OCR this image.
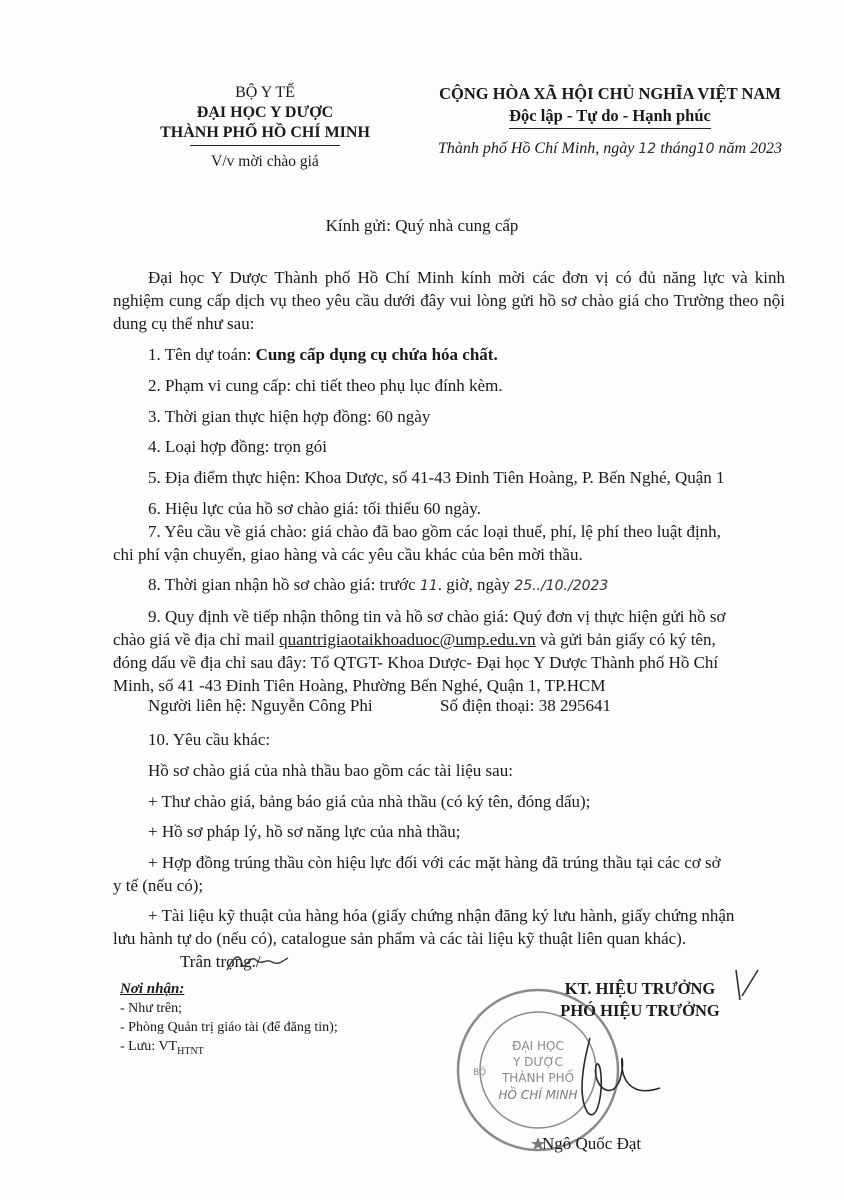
BỘ Y TẾ
ĐẠI HỌC Y DƯỢC
THÀNH PHỐ HỒ CHÍ MINH
V/v mời chào giá
CỘNG HÒA XÃ HỘI CHỦ NGHĨA VIỆT NAM
Độc lập - Tự do - Hạnh phúc
Thành phố Hồ Chí Minh, ngày 12 tháng10 năm 2023
Kính gửi: Quý nhà cung cấp
Đại học Y Dược Thành phố Hồ Chí Minh kính mời các đơn vị có đủ năng lực và kinh nghiệm cung cấp dịch vụ theo yêu cầu dưới đây vui lòng gửi hồ sơ chào giá cho Trường theo nội dung cụ thể như sau:
1. Tên dự toán: Cung cấp dụng cụ chứa hóa chất.
2. Phạm vi cung cấp: chi tiết theo phụ lục đính kèm.
3. Thời gian thực hiện hợp đồng: 60 ngày
4. Loại hợp đồng: trọn gói
5. Địa điểm thực hiện: Khoa Dược, số 41-43 Đinh Tiên Hoàng, P. Bến Nghé, Quận 1
6. Hiệu lực của hồ sơ chào giá: tối thiểu 60 ngày.
7. Yêu cầu về giá chào: giá chào đã bao gồm các loại thuế, phí, lệ phí theo luật định,
chi phí vận chuyển, giao hàng và các yêu cầu khác của bên mời thầu.
8. Thời gian nhận hồ sơ chào giá: trước 11. giờ, ngày 25../10./2023
9. Quy định về tiếp nhận thông tin và hồ sơ chào giá: Quý đơn vị thực hiện gửi hồ sơ
chào giá về địa chỉ mail quantrigiaotaikhoaduoc@ump.edu.vn và gửi bản giấy có ký tên,
đóng dấu về địa chỉ sau đây: Tổ QTGT- Khoa Dược- Đại học Y Dược Thành phố Hồ Chí
Minh, số 41 -43 Đinh Tiên Hoàng, Phường Bến Nghé, Quận 1, TP.HCM
Người liên hệ: Nguyễn Công Phi	Số điện thoại: 38 295641
10. Yêu cầu khác:
Hồ sơ chào giá của nhà thầu bao gồm các tài liệu sau:
+ Thư chào giá, bảng báo giá của nhà thầu (có ký tên, đóng dấu);
+ Hồ sơ pháp lý, hồ sơ năng lực của nhà thầu;
+ Hợp đồng trúng thầu còn hiệu lực đối với các mặt hàng đã trúng thầu tại các cơ sở
y tế (nếu có);
+ Tài liệu kỹ thuật của hàng hóa (giấy chứng nhận đăng ký lưu hành, giấy chứng nhận
lưu hành tự do (nếu có), catalogue sản phẩm và các tài liệu kỹ thuật liên quan khác).
Trân trọng./
Nơi nhận:
- Như trên;
- Phòng Quản trị giáo tài (để đăng tin);
- Lưu: $VT_{HTNT}$
BỘ
ĐẠI HỌC
Y DƯỢC
THÀNH PHỐ
HỒ CHÍ MINH
KT. HIỆU TRƯỞNG
PHÓ HIỆU TRƯỞNG
Ngô Quốc Đạt
